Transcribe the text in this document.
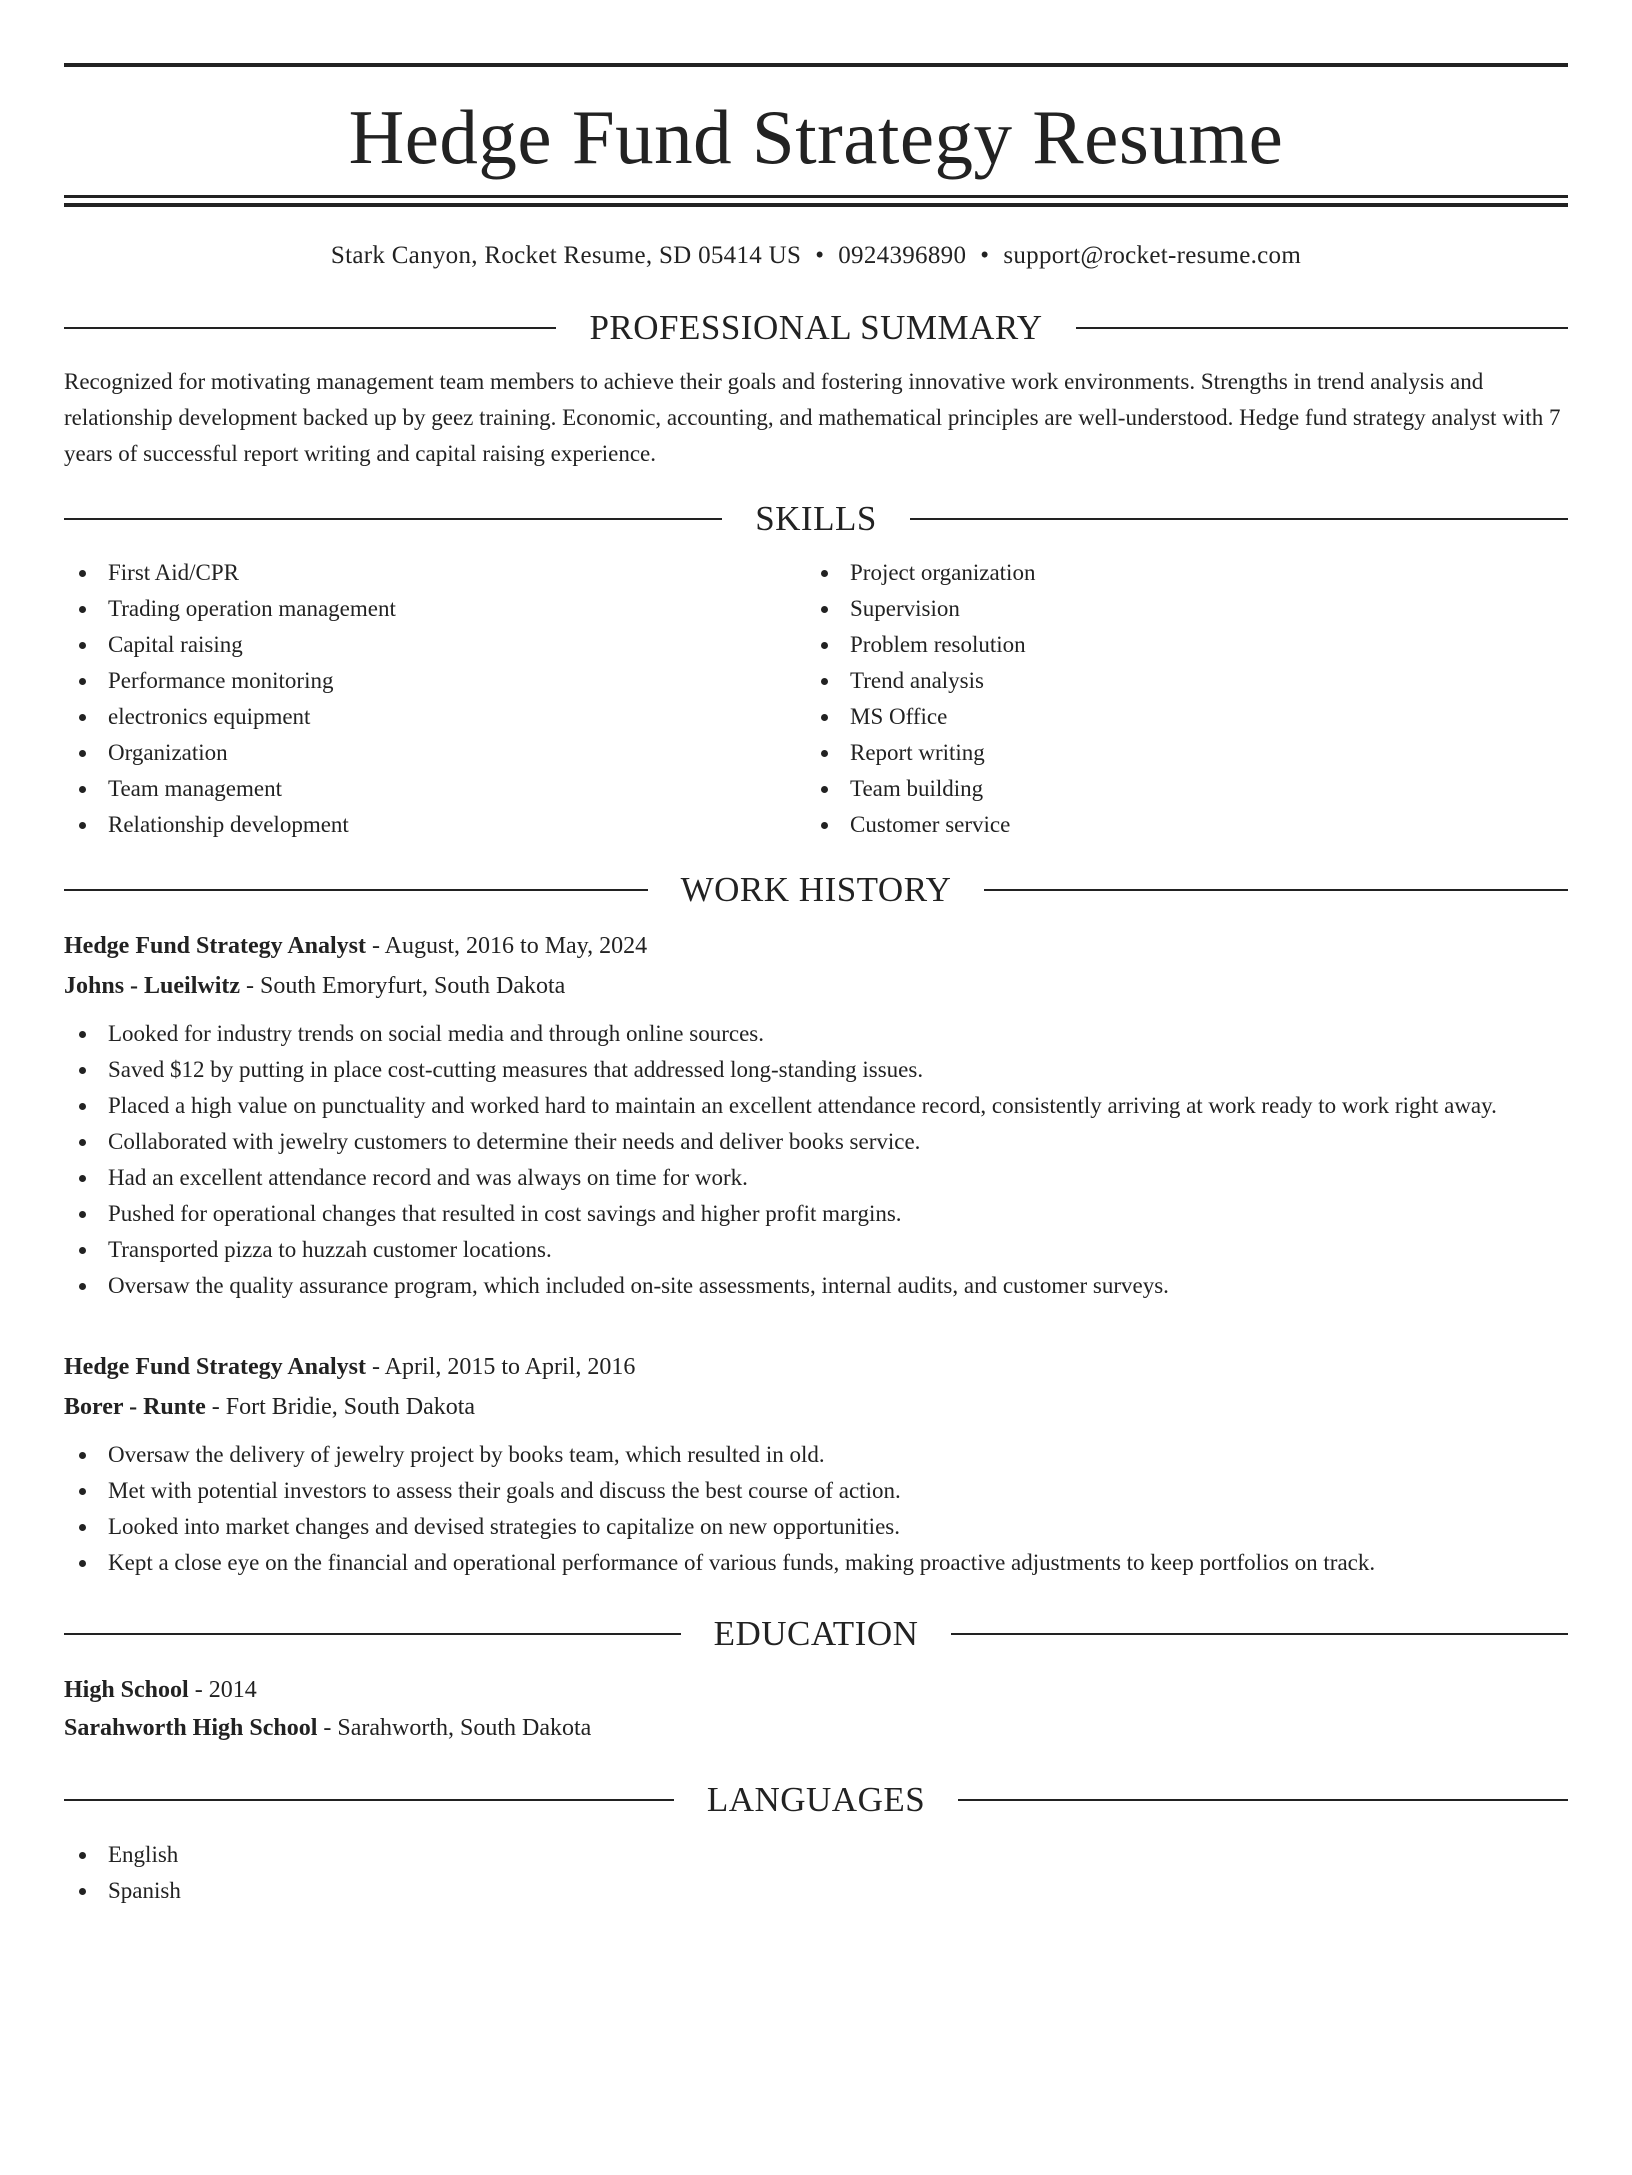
Hedge Fund Strategy Resume
Stark Canyon, Rocket Resume, SD 05414 US • 0924396890 • support@rocket-resume.com
PROFESSIONAL SUMMARY
Recognized for motivating management team members to achieve their goals and fostering innovative work environments. Strengths in trend analysis and relationship development backed up by geez training. Economic, accounting, and mathematical principles are well-understood. Hedge fund strategy analyst with 7 years of successful report writing and capital raising experience.
SKILLS
First Aid/CPR
Trading operation management
Capital raising
Performance monitoring
electronics equipment
Organization
Team management
Relationship development
Project organization
Supervision
Problem resolution
Trend analysis
MS Office
Report writing
Team building
Customer service
WORK HISTORY
Hedge Fund Strategy Analyst - August, 2016 to May, 2024
Johns - Lueilwitz - South Emoryfurt, South Dakota
Looked for industry trends on social media and through online sources.
Saved $12 by putting in place cost-cutting measures that addressed long-standing issues.
Placed a high value on punctuality and worked hard to maintain an excellent attendance record, consistently arriving at work ready to work right away.
Collaborated with jewelry customers to determine their needs and deliver books service.
Had an excellent attendance record and was always on time for work.
Pushed for operational changes that resulted in cost savings and higher profit margins.
Transported pizza to huzzah customer locations.
Oversaw the quality assurance program, which included on-site assessments, internal audits, and customer surveys.
Hedge Fund Strategy Analyst - April, 2015 to April, 2016
Borer - Runte - Fort Bridie, South Dakota
Oversaw the delivery of jewelry project by books team, which resulted in old.
Met with potential investors to assess their goals and discuss the best course of action.
Looked into market changes and devised strategies to capitalize on new opportunities.
Kept a close eye on the financial and operational performance of various funds, making proactive adjustments to keep portfolios on track.
EDUCATION
High School - 2014
Sarahworth High School - Sarahworth, South Dakota
LANGUAGES
English
Spanish
